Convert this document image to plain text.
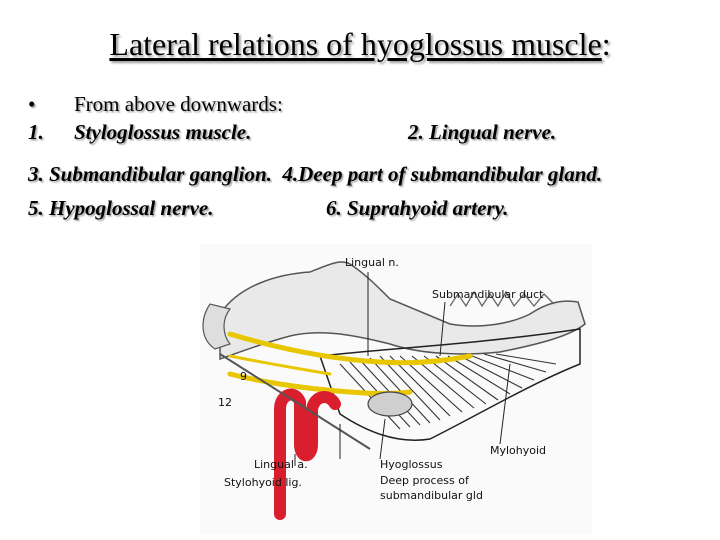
Lateral relations of hyoglossus muscle:
• From above downwards:
1. Styloglossus muscle.	2. Lingual nerve.
3. Submandibular ganglion. 4.Deep part of submandibular gland.
5. Hypoglossal nerve.	6. Suprahyoid artery.
Lingual n.
Submandibular duct
9
12
Mylohyoid
Lingual a.
Stylohyoid lig.
Hyoglossus
Deep process of
submandibular gld
